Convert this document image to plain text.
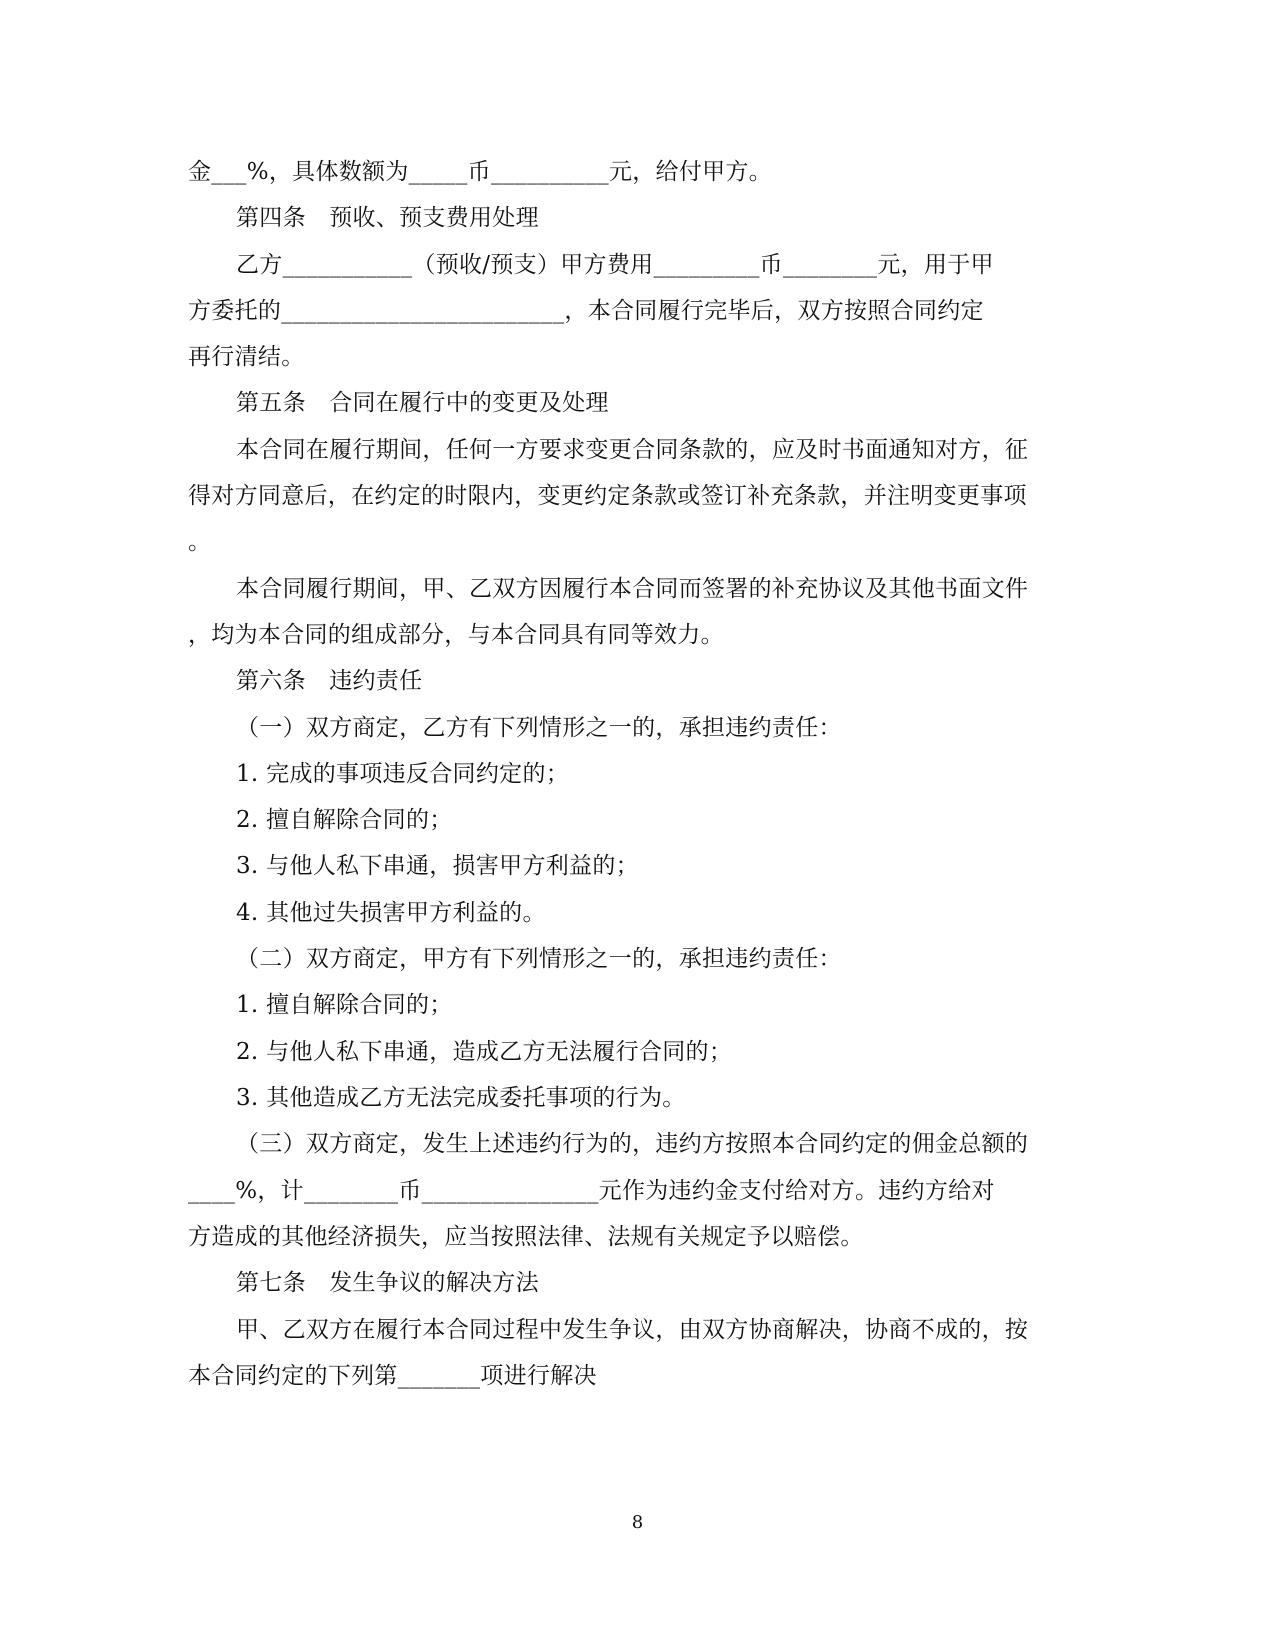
金___%，具体数额为_____币__________元，给付甲方。
第四条　预收、预支费用处理
乙方___________（预收/预支）甲方费用_________币________元，用于甲
方委托的________________________，本合同履行完毕后，双方按照合同约定
再行清结。
第五条　合同在履行中的变更及处理
本合同在履行期间，任何一方要求变更合同条款的，应及时书面通知对方，征
得对方同意后，在约定的时限内，变更约定条款或签订补充条款，并注明变更事项
。
本合同履行期间，甲、乙双方因履行本合同而签署的补充协议及其他书面文件
，均为本合同的组成部分，与本合同具有同等效力。
第六条　违约责任
（一）双方商定，乙方有下列情形之一的，承担违约责任：
1. 完成的事项违反合同约定的；
2. 擅自解除合同的；
3. 与他人私下串通，损害甲方利益的；
4. 其他过失损害甲方利益的。
（二）双方商定，甲方有下列情形之一的，承担违约责任：
1. 擅自解除合同的；
2. 与他人私下串通，造成乙方无法履行合同的；
3. 其他造成乙方无法完成委托事项的行为。
（三）双方商定，发生上述违约行为的，违约方按照本合同约定的佣金总额的
____%，计________币_______________元作为违约金支付给对方。违约方给对
方造成的其他经济损失，应当按照法律、法规有关规定予以赔偿。
第七条　发生争议的解决方法
甲、乙双方在履行本合同过程中发生争议，由双方协商解决，协商不成的，按
本合同约定的下列第_______项进行解决
8
